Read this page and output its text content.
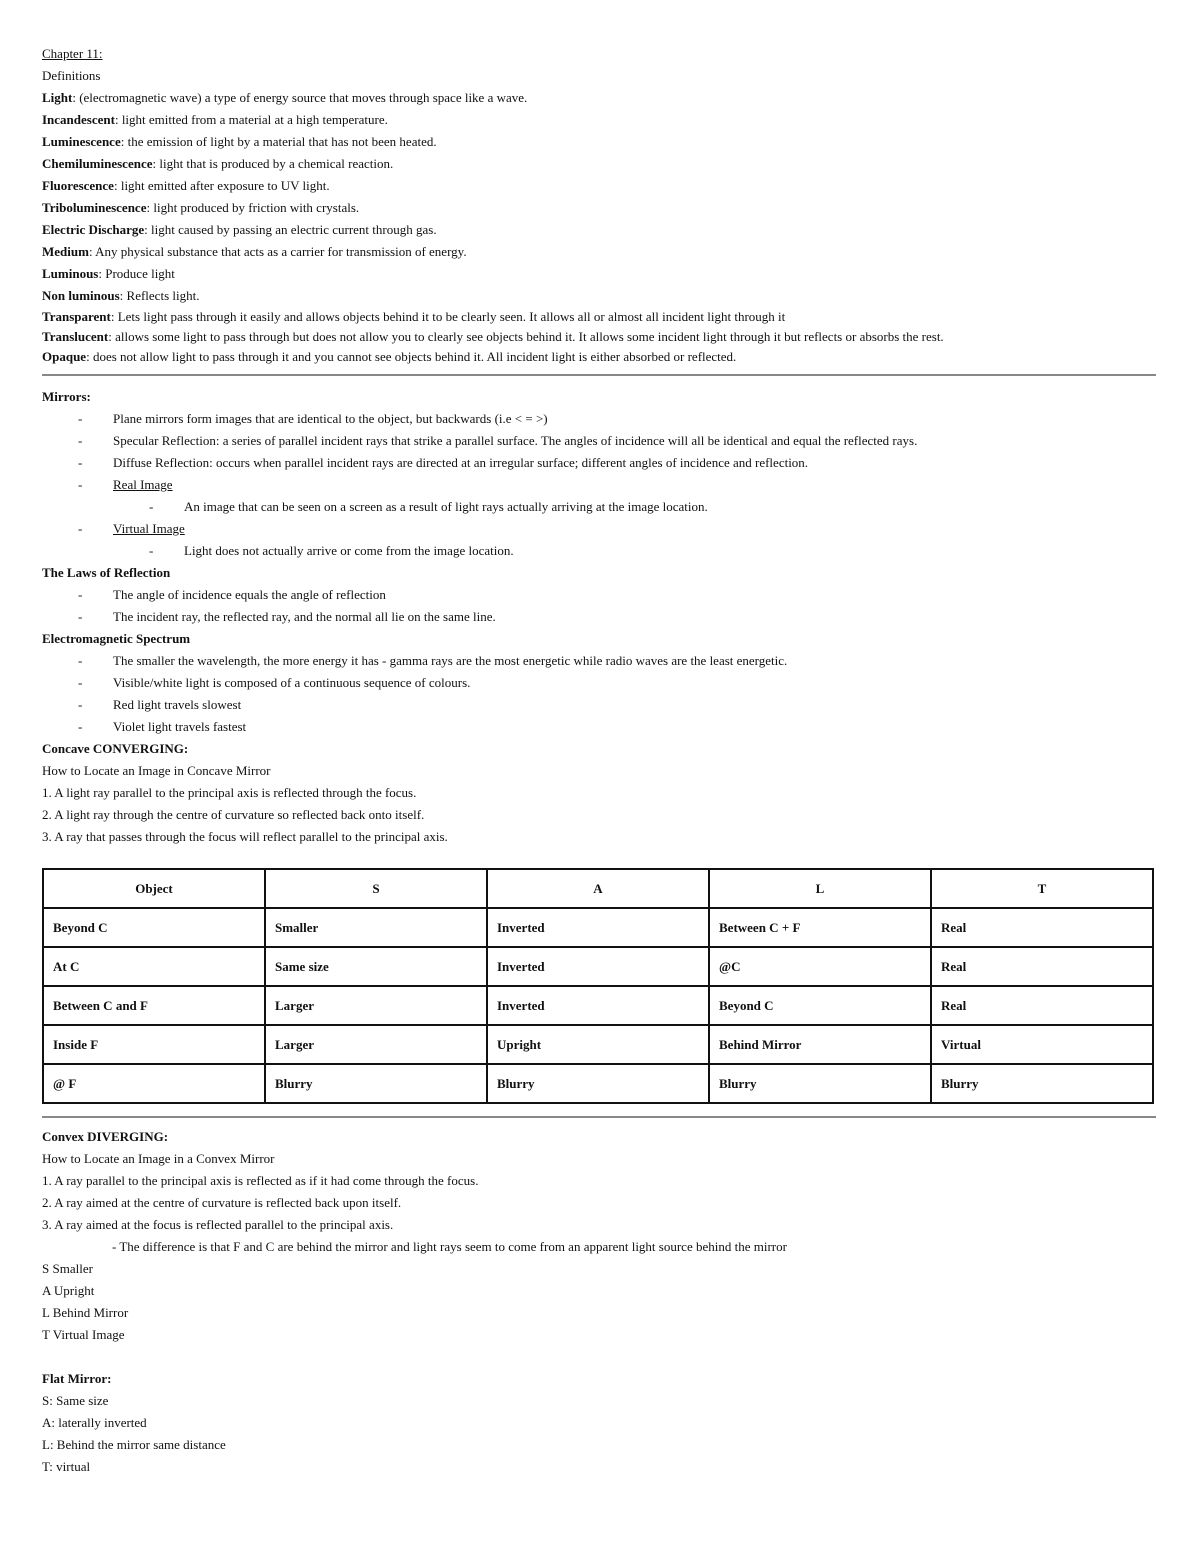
Chapter 11:
Definitions
Light: (electromagnetic wave) a type of energy source that moves through space like a wave.
Incandescent: light emitted from a material at a high temperature.
Luminescence: the emission of light by a material that has not been heated.
Chemiluminescence: light that is produced by a chemical reaction.
Fluorescence: light emitted after exposure to UV light.
Triboluminescence: light produced by friction with crystals.
Electric Discharge: light caused by passing an electric current through gas.
Medium: Any physical substance that acts as a carrier for transmission of energy.
Luminous: Produce light
Non luminous: Reflects light.
Transparent: Lets light pass through it easily and allows objects behind it to be clearly seen. It allows all or almost all incident light through it
Translucent: allows some light to pass through but does not allow you to clearly see objects behind it. It allows some incident light through it but reflects or absorbs the rest.
Opaque: does not allow light to pass through it and you cannot see objects behind it. All incident light is either absorbed or reflected.
Mirrors:
- Plane mirrors form images that are identical to the object, but backwards (i.e < = >)
- Specular Reflection: a series of parallel incident rays that strike a parallel surface. The angles of incidence will all be identical and equal the reflected rays.
- Diffuse Reflection: occurs when parallel incident rays are directed at an irregular surface; different angles of incidence and reflection.
- Real Image
- An image that can be seen on a screen as a result of light rays actually arriving at the image location.
- Virtual Image
- Light does not actually arrive or come from the image location.
The Laws of Reflection
- The angle of incidence equals the angle of reflection
- The incident ray, the reflected ray, and the normal all lie on the same line.
Electromagnetic Spectrum
- The smaller the wavelength, the more energy it has - gamma rays are the most energetic while radio waves are the least energetic.
- Visible/white light is composed of a continuous sequence of colours.
- Red light travels slowest
- Violet light travels fastest
Concave CONVERGING:
How to Locate an Image in Concave Mirror
1. A light ray parallel to the principal axis is reflected through the focus.
2. A light ray through the centre of curvature so reflected back onto itself.
3. A ray that passes through the focus will reflect parallel to the principal axis.
Object	S	A	L	T
Beyond C	Smaller	Inverted	Between C + F	Real
At C	Same size	Inverted	@C	Real
Between C and F	Larger	Inverted	Beyond C	Real
Inside F	Larger	Upright	Behind Mirror	Virtual
@ F	Blurry	Blurry	Blurry	Blurry
Convex DIVERGING:
How to Locate an Image in a Convex Mirror
1. A ray parallel to the principal axis is reflected as if it had come through the focus.
2. A ray aimed at the centre of curvature is reflected back upon itself.
3. A ray aimed at the focus is reflected parallel to the principal axis.
- The difference is that F and C are behind the mirror and light rays seem to come from an apparent light source behind the mirror
S Smaller
A Upright
L Behind Mirror
T Virtual Image
Flat Mirror:
S: Same size
A: laterally inverted
L: Behind the mirror same distance
T: virtual
